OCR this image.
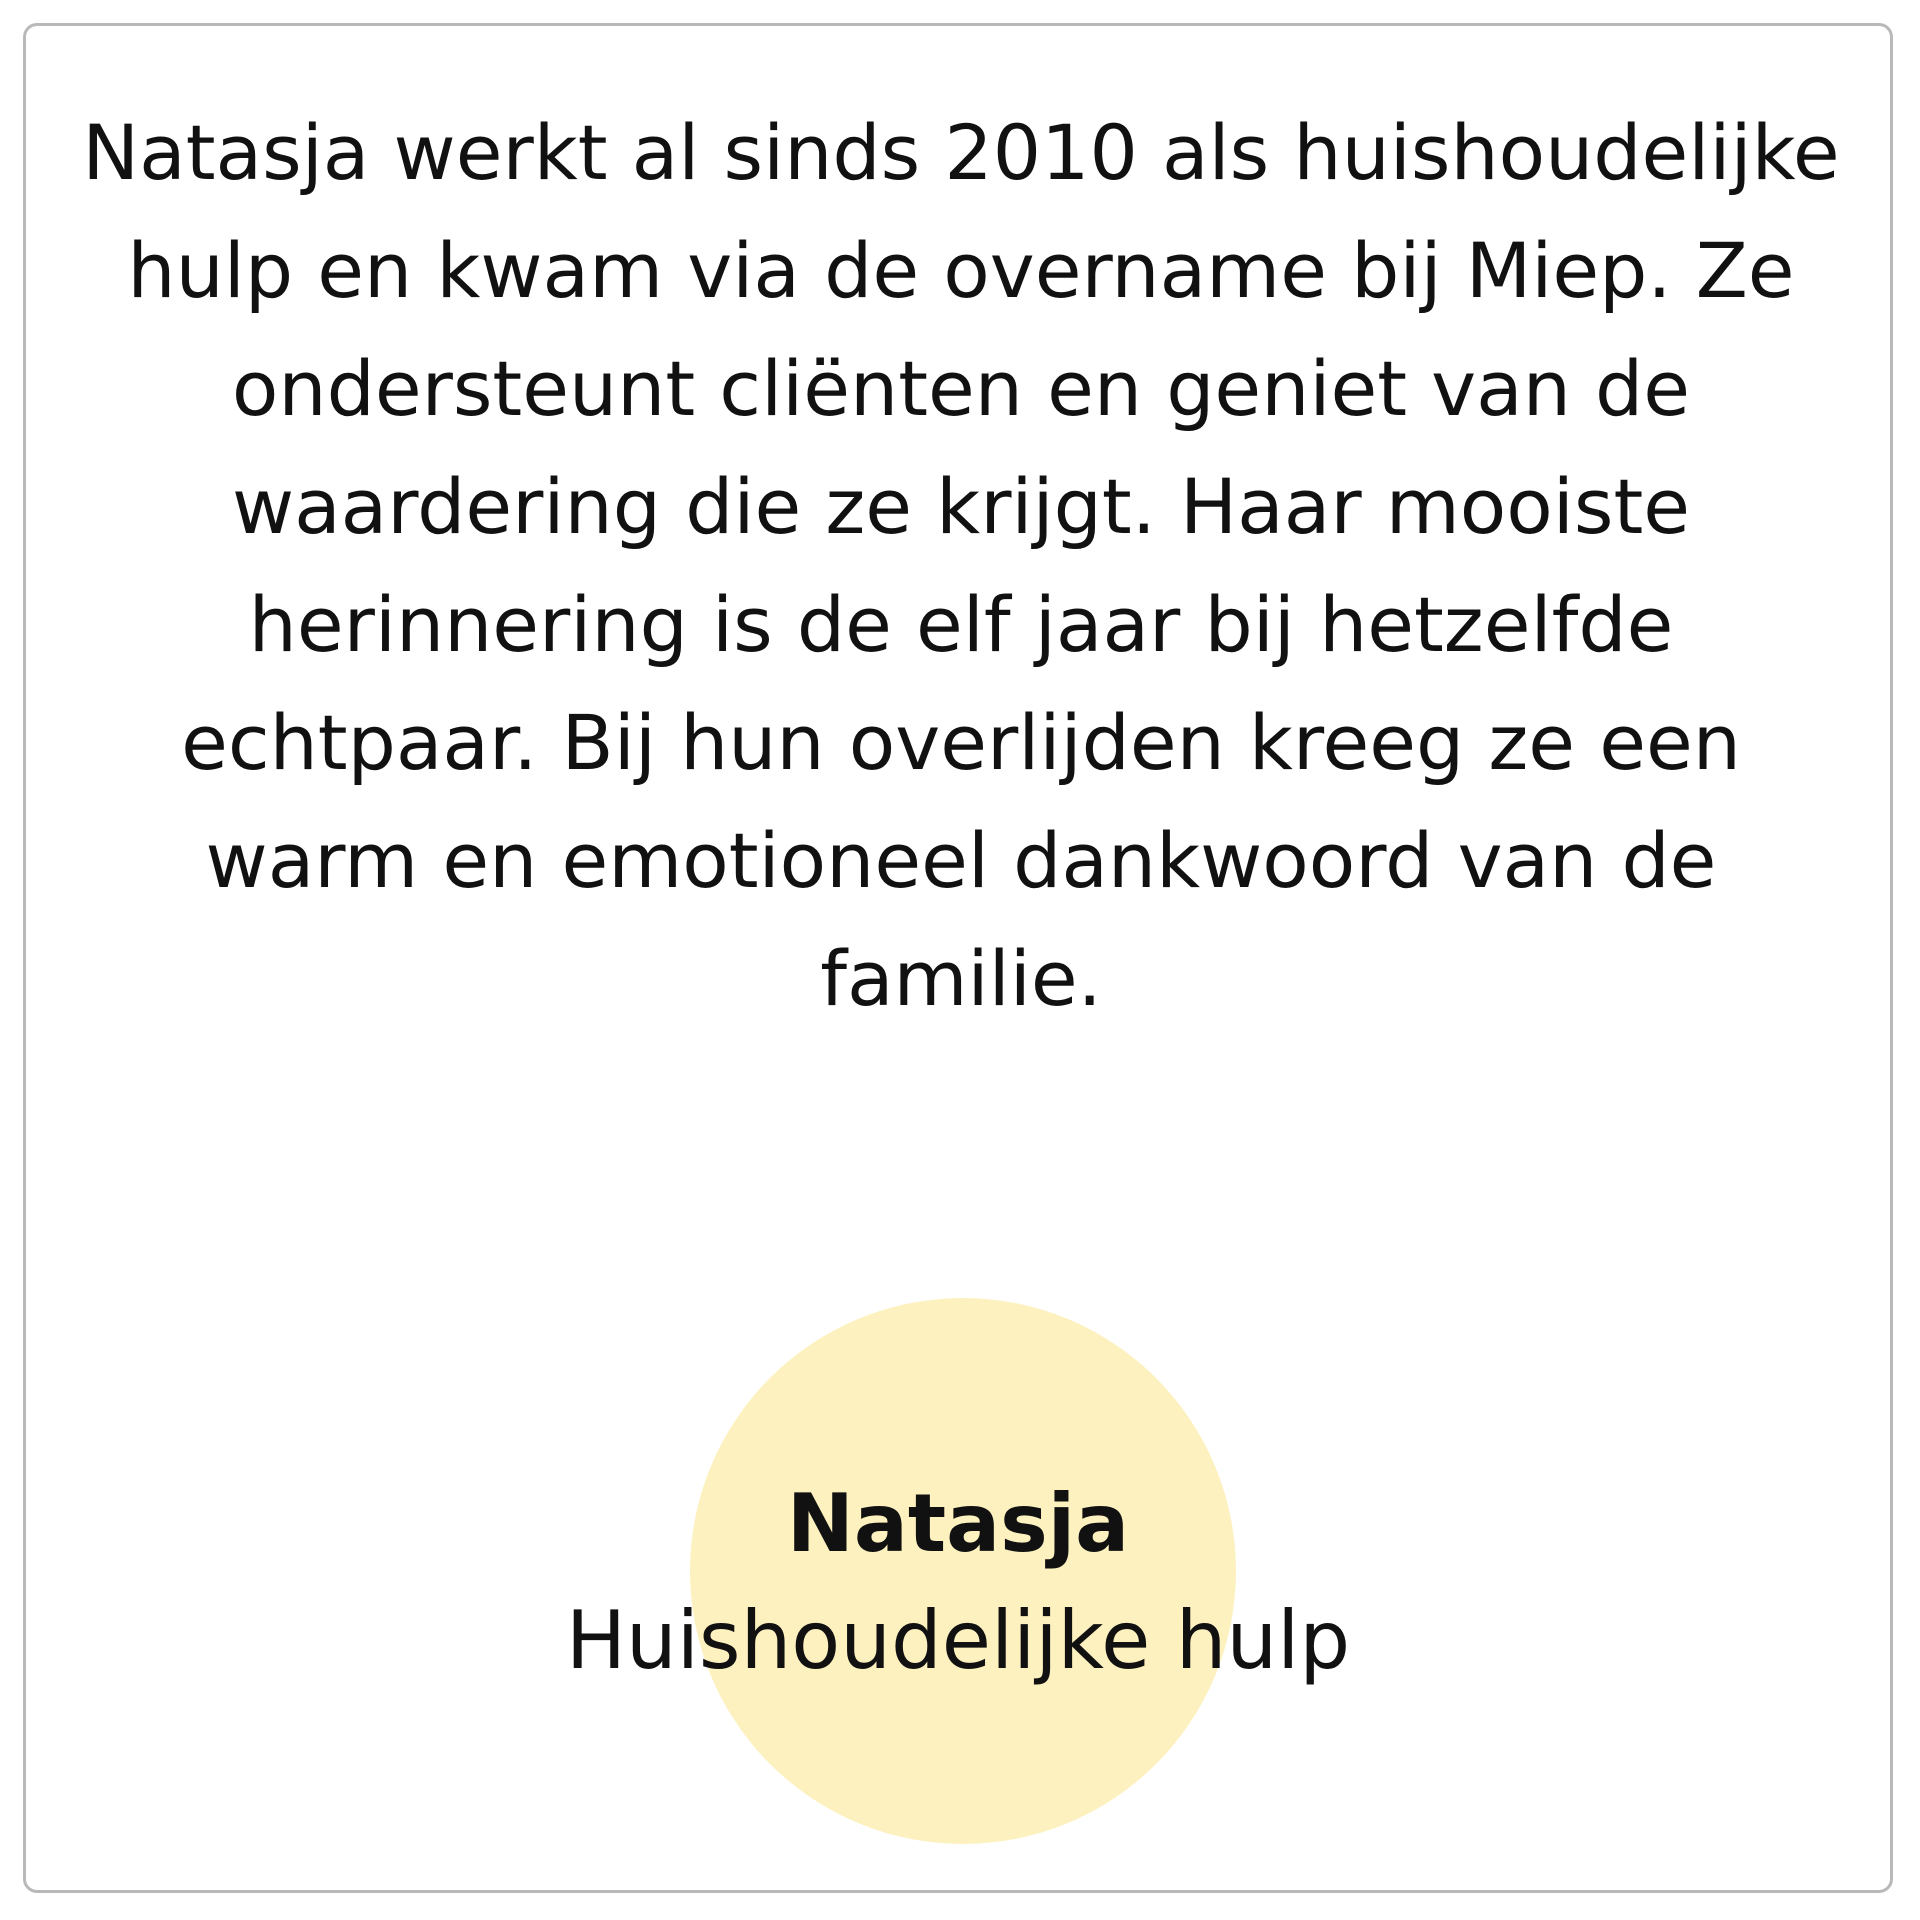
Natasja werkt al sinds 2010 als huishoudelijke hulp en kwam via de overname bij Miep. Ze ondersteunt cliënten en geniet van de waardering die ze krijgt. Haar mooiste herinnering is de elf jaar bij hetzelfde echtpaar. Bij hun overlijden kreeg ze een warm en emotioneel dankwoord van de familie.

Natasja
Huishoudelijke hulp
